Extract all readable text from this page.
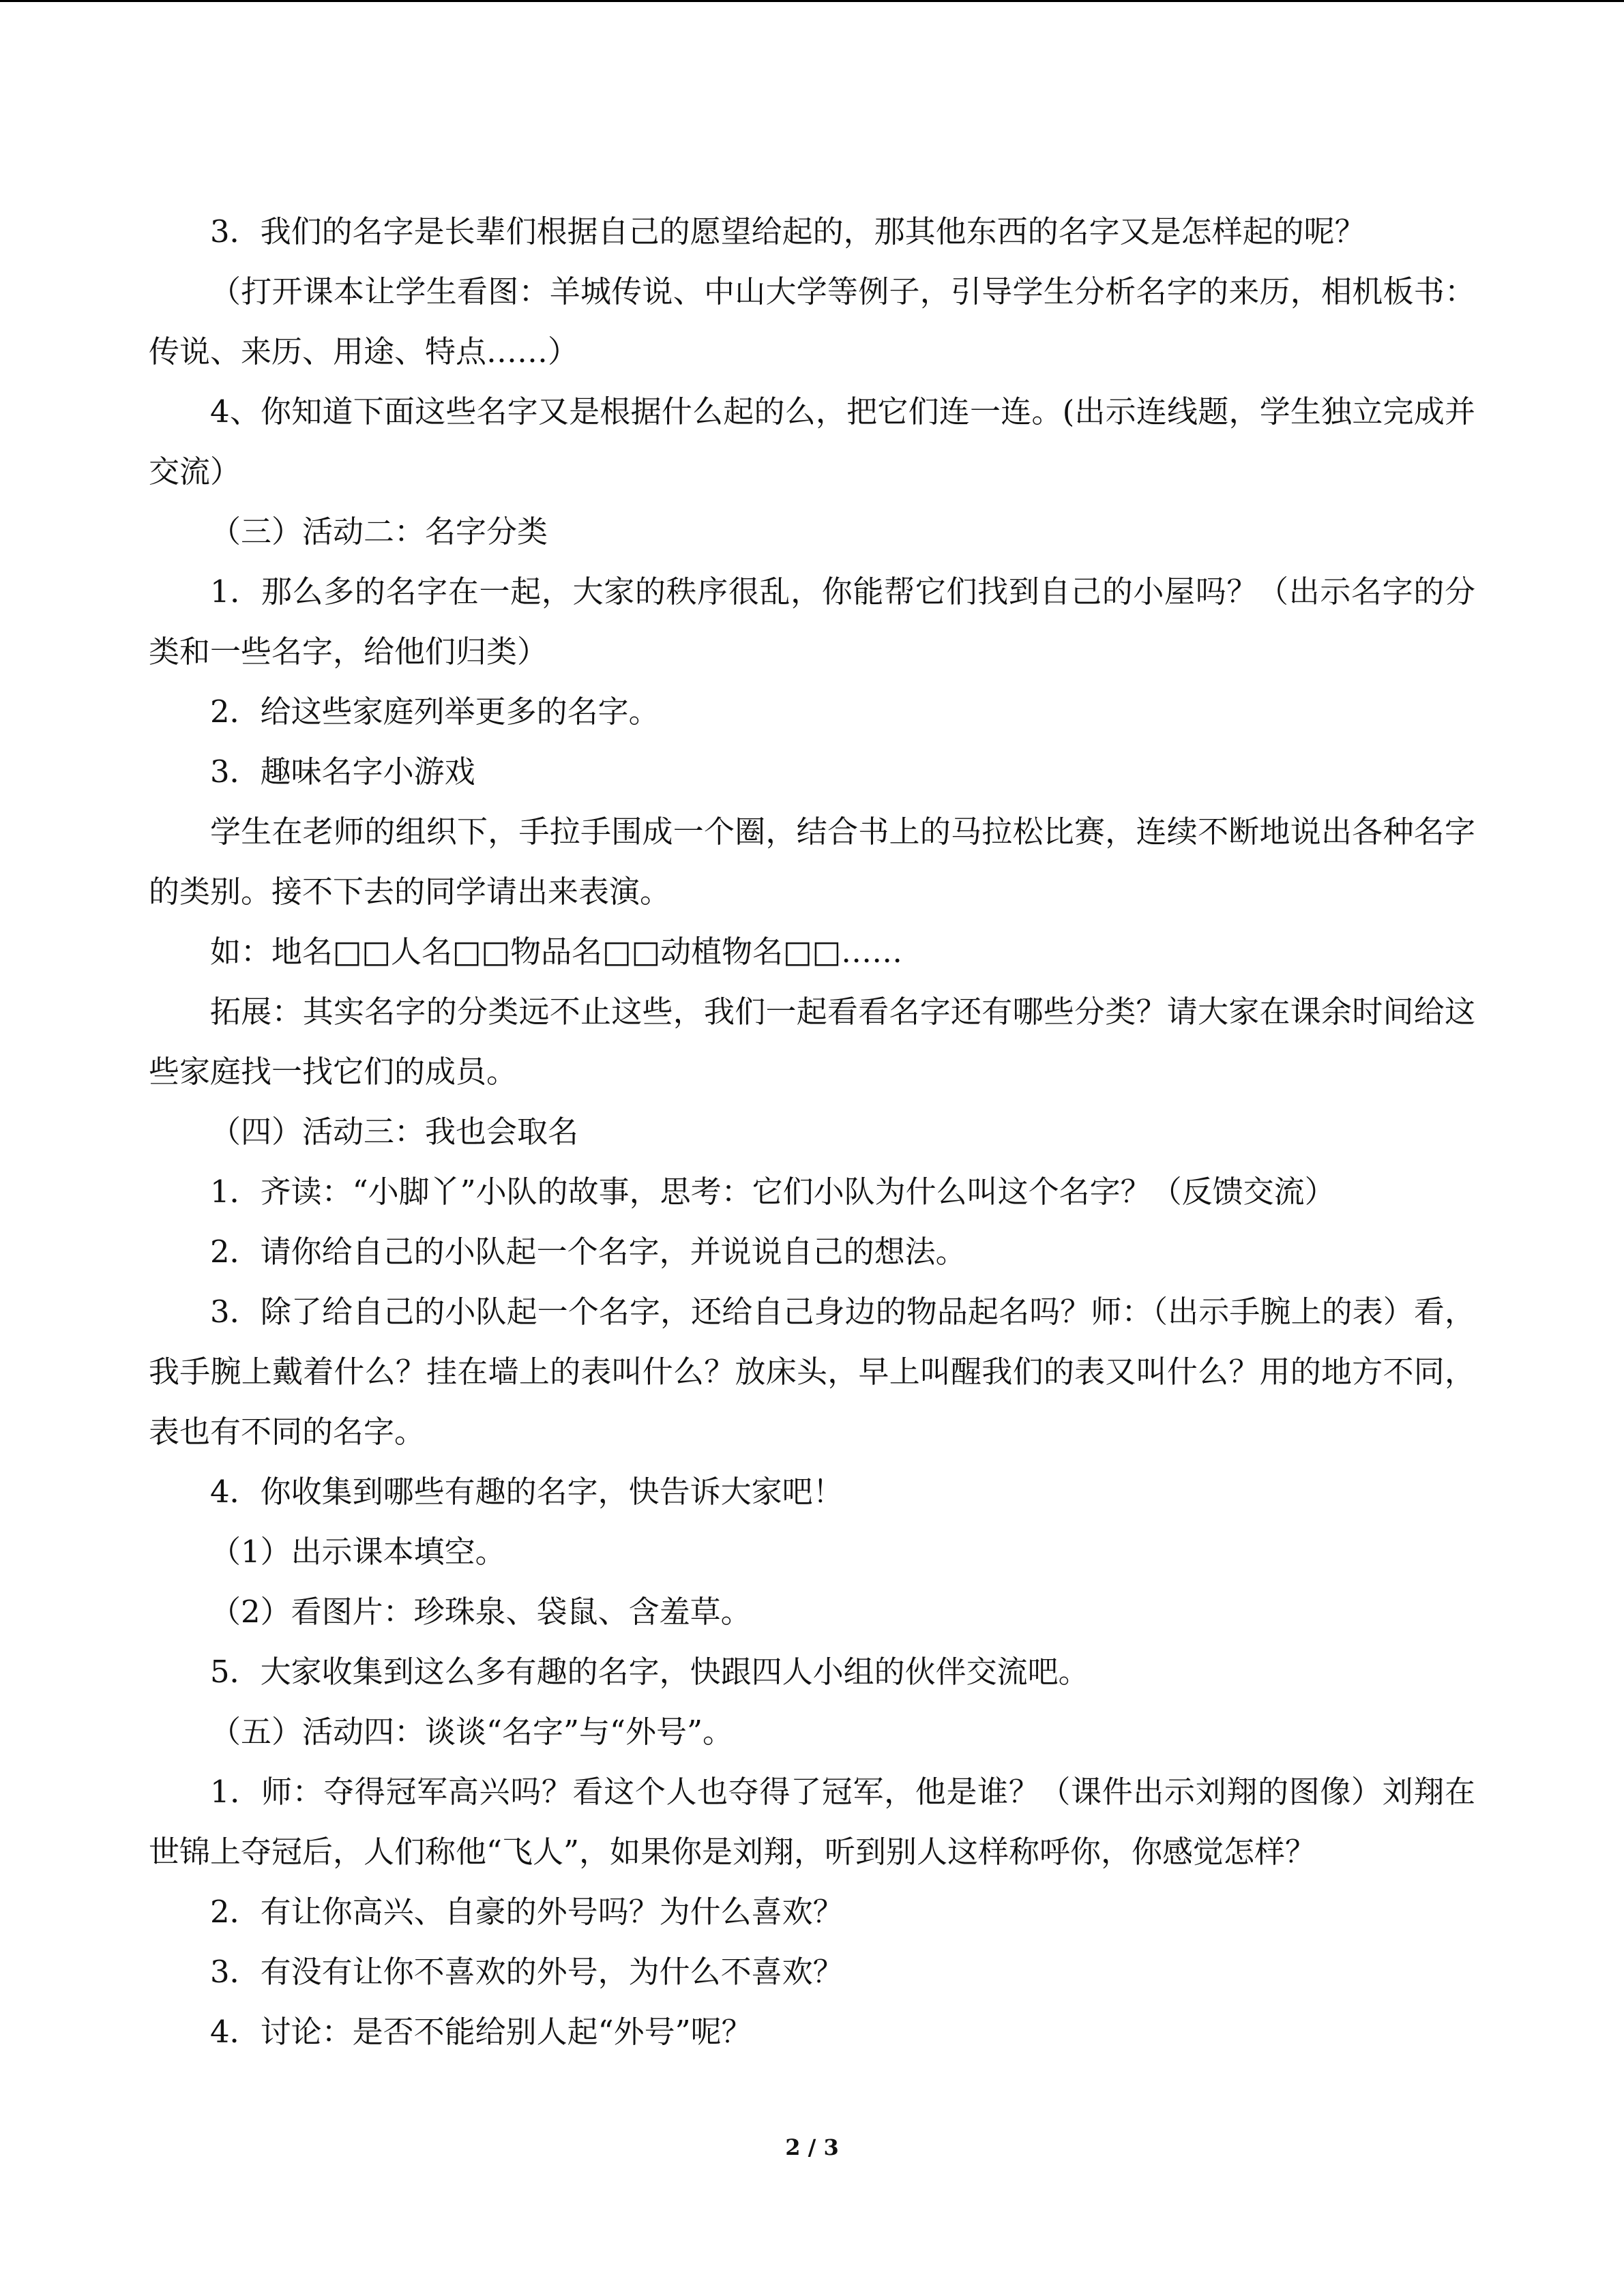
3．我们的名字是长辈们根据自己的愿望给起的，那其他东西的名字又是怎样起的呢？

（打开课本让学生看图：羊城传说、中山大学等例子，引导学生分析名字的来历，相机板书：传说、来历、用途、特点……）

4、你知道下面这些名字又是根据什么起的么，把它们连一连。(出示连线题，学生独立完成并交流）

（三）活动二：名字分类

1．那么多的名字在一起，大家的秩序很乱，你能帮它们找到自己的小屋吗？（出示名字的分类和一些名字，给他们归类）

2．给这些家庭列举更多的名字。

3．趣味名字小游戏

学生在老师的组织下，手拉手围成一个圈，结合书上的马拉松比赛，连续不断地说出各种名字的类别。接不下去的同学请出来表演。

如：地名□□人名□□物品名□□动植物名□□……

拓展：其实名字的分类远不止这些，我们一起看看名字还有哪些分类？请大家在课余时间给这些家庭找一找它们的成员。

（四）活动三：我也会取名

1．齐读：“小脚丫”小队的故事，思考：它们小队为什么叫这个名字？（反馈交流）

2．请你给自己的小队起一个名字，并说说自己的想法。

3．除了给自己的小队起一个名字，还给自己身边的物品起名吗？师：（出示手腕上的表）看，我手腕上戴着什么？挂在墙上的表叫什么？放床头，早上叫醒我们的表又叫什么？用的地方不同，表也有不同的名字。

4．你收集到哪些有趣的名字，快告诉大家吧！

（1）出示课本填空。

（2）看图片：珍珠泉、袋鼠、含羞草。

5．大家收集到这么多有趣的名字，快跟四人小组的伙伴交流吧。

（五）活动四：谈谈“名字”与“外号”。

1．师：夺得冠军高兴吗？看这个人也夺得了冠军，他是谁？（课件出示刘翔的图像）刘翔在世锦上夺冠后，人们称他“飞人”，如果你是刘翔，听到别人这样称呼你，你感觉怎样？

2．有让你高兴、自豪的外号吗？为什么喜欢？

3．有没有让你不喜欢的外号，为什么不喜欢？

4．讨论：是否不能给别人起“外号”呢？

2 / 3
